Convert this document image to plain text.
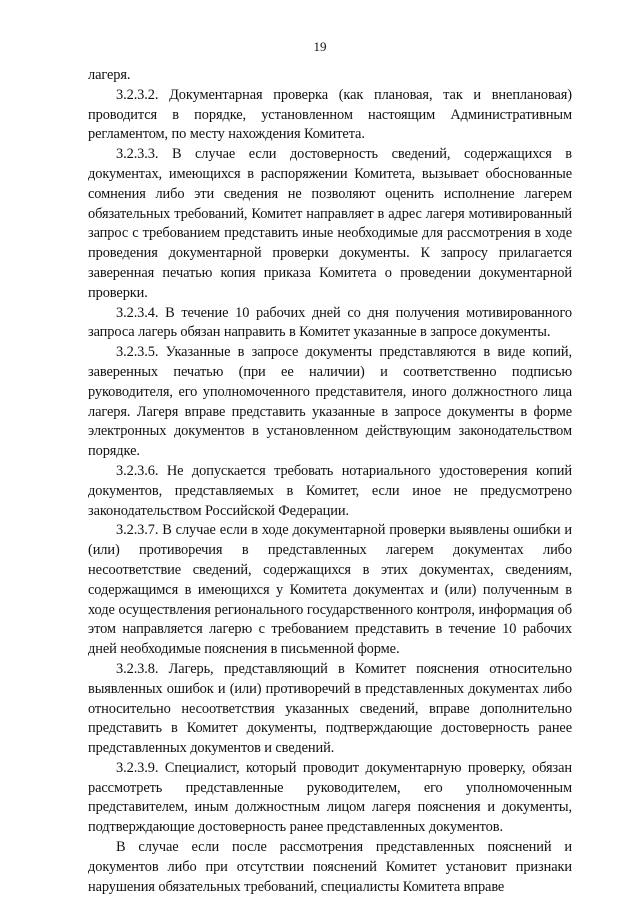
19

лагеря.

3.2.3.2. Документарная проверка (как плановая, так и внеплановая) проводится в порядке, установленном настоящим Административным регламентом, по месту нахождения Комитета.

3.2.3.3. В случае если достоверность сведений, содержащихся в документах, имеющихся в распоряжении Комитета, вызывает обоснованные сомнения либо эти сведения не позволяют оценить исполнение лагерем обязательных требований, Комитет направляет в адрес лагеря мотивированный запрос с требованием представить иные необходимые для рассмотрения в ходе проведения документарной проверки документы. К запросу прилагается заверенная печатью копия приказа Комитета о проведении документарной проверки.

3.2.3.4. В течение 10 рабочих дней со дня получения мотивированного запроса лагерь обязан направить в Комитет указанные в запросе документы.

3.2.3.5. Указанные в запросе документы представляются в виде копий, заверенных печатью (при ее наличии) и соответственно подписью руководителя, его уполномоченного представителя, иного должностного лица лагеря. Лагеря вправе представить указанные в запросе документы в форме электронных документов в установленном действующим законодательством порядке.

3.2.3.6. Не допускается требовать нотариального удостоверения копий документов, представляемых в Комитет, если иное не предусмотрено законодательством Российской Федерации.

3.2.3.7. В случае если в ходе документарной проверки выявлены ошибки и (или) противоречия в представленных лагерем документах либо несоответствие сведений, содержащихся в этих документах, сведениям, содержащимся в имеющихся у Комитета документах и (или) полученным в ходе осуществления регионального государственного контроля, информация об этом направляется лагерю с требованием представить в течение 10 рабочих дней необходимые пояснения в письменной форме.

3.2.3.8. Лагерь, представляющий в Комитет пояснения относительно выявленных ошибок и (или) противоречий в представленных документах либо относительно несоответствия указанных сведений, вправе дополнительно представить в Комитет документы, подтверждающие достоверность ранее представленных документов и сведений.

3.2.3.9. Специалист, который проводит документарную проверку, обязан рассмотреть представленные руководителем, его уполномоченным представителем, иным должностным лицом лагеря пояснения и документы, подтверждающие достоверность ранее представленных документов.

В случае если после рассмотрения представленных пояснений и документов либо при отсутствии пояснений Комитет установит признаки нарушения обязательных требований, специалисты Комитета вправе
